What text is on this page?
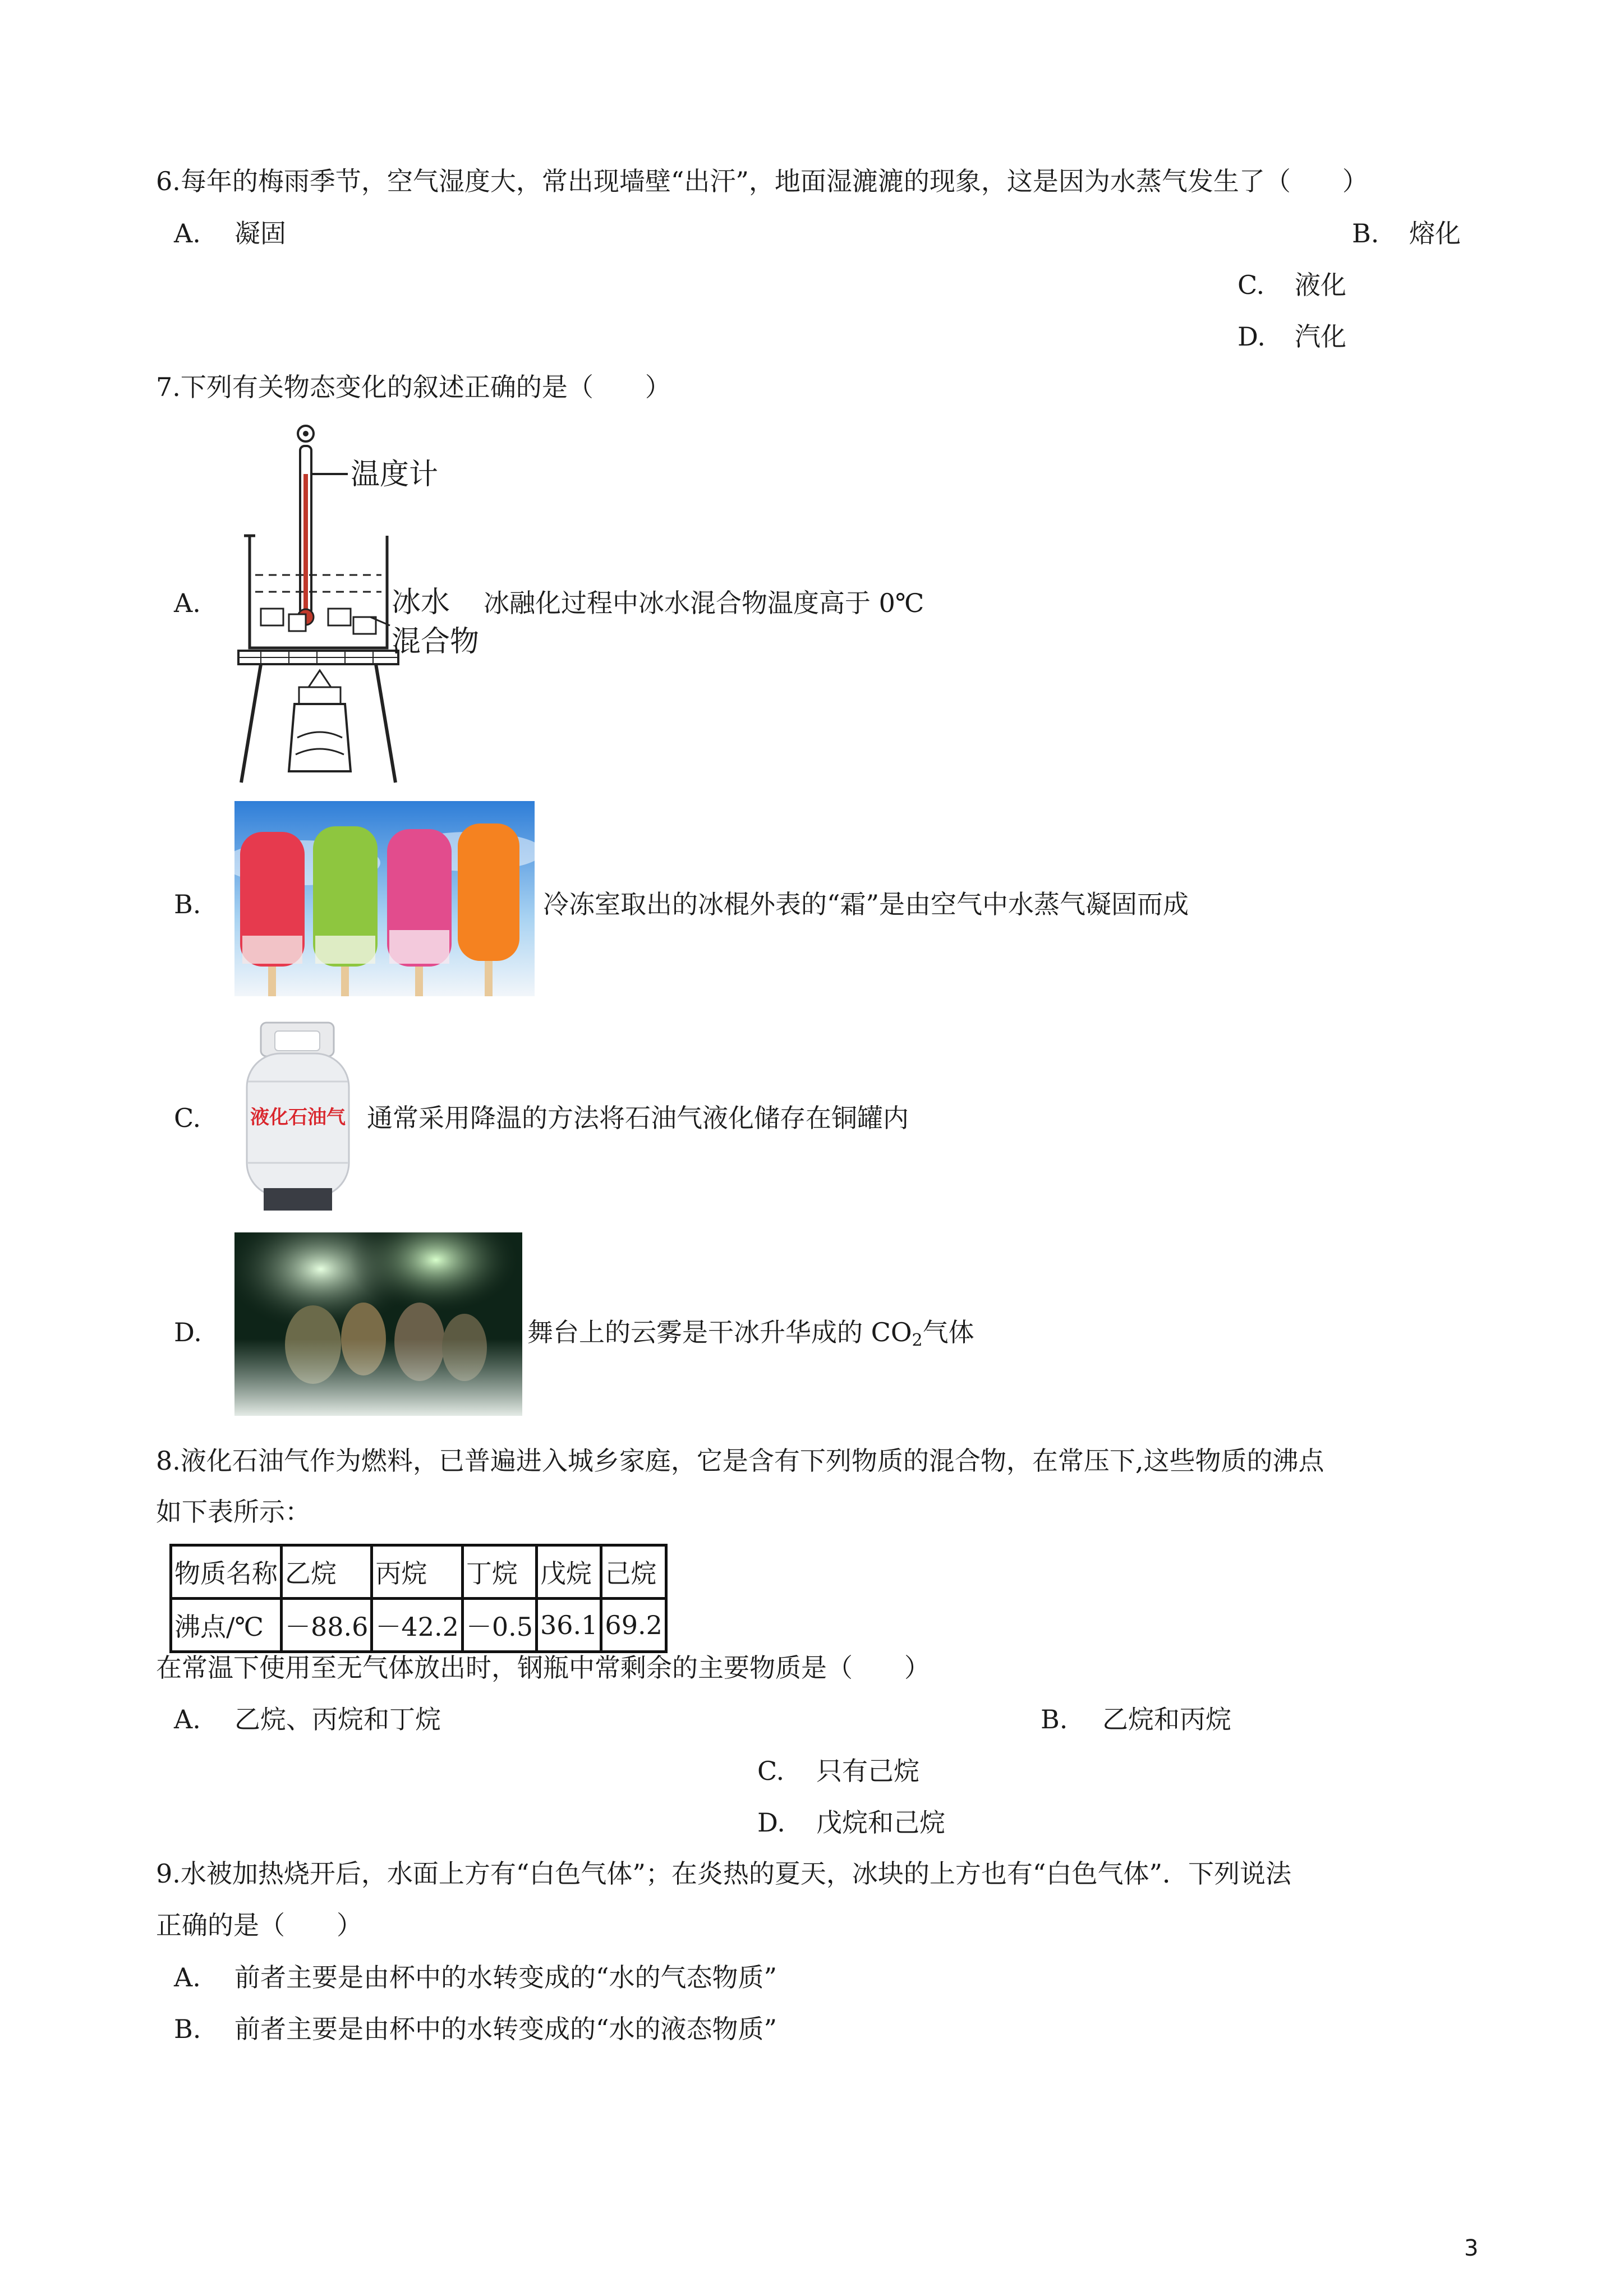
6.每年的梅雨季节，空气湿度大，常出现墙壁“出汗”，地面湿漉漉的现象，这是因为水蒸气发生了（　　）
A. 凝固	B. 熔化
C. 液化
D. 汽化
7.下列有关物态变化的叙述正确的是（　　）
A.
温度计
冰水
混合物
冰融化过程中冰水混合物温度高于 0℃
B.	冷冻室取出的冰棍外表的“霜”是由空气中水蒸气凝固而成
C.	液化石油气 通常采用降温的方法将石油气液化储存在铜罐内
D.	舞台上的云雾是干冰升华成的 $CO_2$气体
8.液化石油气作为燃料，已普遍进入城乡家庭，它是含有下列物质的混合物，在常压下,这些物质的沸点
如下表所示：
物质名称	乙烷	丙烷	丁烷	戊烷	己烷
沸点/℃	－88.6	－42.2	－0.5	36.1	69.2
在常温下使用至无气体放出时，钢瓶中常剩余的主要物质是（　　）
A. 乙烷、丙烷和丁烷	B. 乙烷和丙烷
C. 只有己烷
D. 戊烷和己烷
9.水被加热烧开后，水面上方有“白色气体”；在炎热的夏天，冰块的上方也有“白色气体”．下列说法
正确的是（　　）
A. 前者主要是由杯中的水转变成的“水的气态物质”
B. 前者主要是由杯中的水转变成的“水的液态物质”
3
